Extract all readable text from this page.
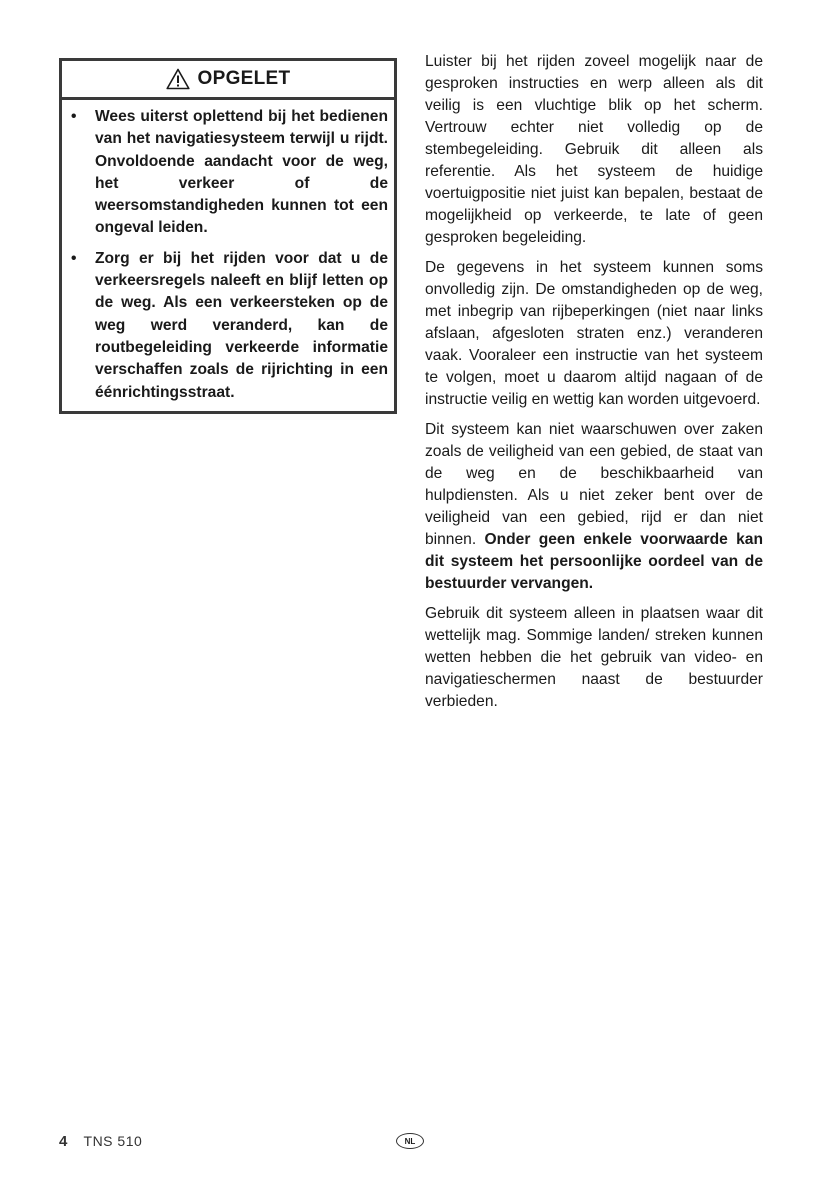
OPGELET
• Wees uiterst oplettend bij het bedienen van het navigatiesysteem terwijl u rijdt. Onvoldoende aandacht voor de weg, het verkeer of de weersomstandigheden kunnen tot een ongeval leiden.
• Zorg er bij het rijden voor dat u de verkeersregels naleeft en blijf letten op de weg. Als een verkeersteken op de weg werd veranderd, kan de routbegeleiding verkeerde informatie verschaffen zoals de rijrichting in een éénrichtingsstraat.

Luister bij het rijden zoveel mogelijk naar de gesproken instructies en werp alleen als dit veilig is een vluchtige blik op het scherm. Vertrouw echter niet volledig op de stembegeleiding. Gebruik dit alleen als referentie. Als het systeem de huidige voertuigpositie niet juist kan bepalen, bestaat de mogelijkheid op verkeerde, te late of geen gesproken begeleiding.

De gegevens in het systeem kunnen soms onvolledig zijn. De omstandigheden op de weg, met inbegrip van rijbeperkingen (niet naar links afslaan, afgesloten straten enz.) veranderen vaak. Vooraleer een instructie van het systeem te volgen, moet u daarom altijd nagaan of de instructie veilig en wettig kan worden uitgevoerd.

Dit systeem kan niet waarschuwen over zaken zoals de veiligheid van een gebied, de staat van de weg en de beschikbaarheid van hulpdiensten. Als u niet zeker bent over de veiligheid van een gebied, rijd er dan niet binnen. Onder geen enkele voorwaarde kan dit systeem het persoonlijke oordeel van de bestuurder vervangen.

Gebruik dit systeem alleen in plaatsen waar dit wettelijk mag. Sommige landen/ streken kunnen wetten hebben die het gebruik van video- en navigatieschermen naast de bestuurder verbieden.

4 TNS 510	NL
